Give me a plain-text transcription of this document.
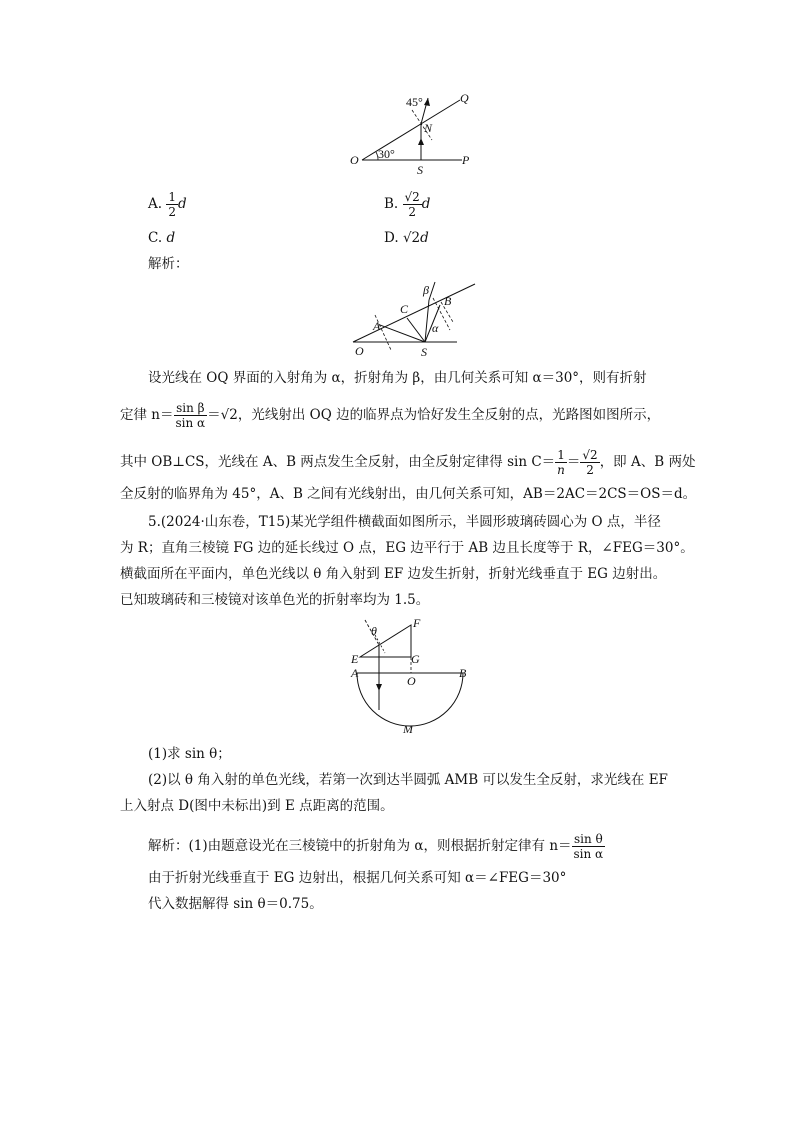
45°	Q
N
30°
O
S
P
A. $\frac{1}{2}$ d	B. $\frac{√2}{2}$ d
C. d	D. √2d
解析：
C
β
B
A	α
O	S
设光线在 OQ 界面的入射角为 α，折射角为 β，由几何关系可知 α＝30°，则有折射
定律 $n= \frac{\text{sin β}}{\text{sin α}} =√2$，光线射出 OQ 边的临界点为恰好发生全反射的点，光路图如图所示，
其中 OB⊥CS，光线在 A、B 两点发生全反射，由全反射定律得 $\sin C= \frac{1}{n} = \frac{√2}{2}$ ，即 A、B 两处
全反射的临界角为 45°，A、B 之间有光线射出，由几何关系可知，AB＝2AC＝2CS＝OS＝d。
5.(2024·山东卷，T15)某光学组件横截面如图所示，半圆形玻璃砖圆心为 O 点，半径
为 R；直角三棱镜 FG 边的延长线过 O 点，EG 边平行于 AB 边且长度等于 R，∠FEG＝30°。
横截面所在平面内，单色光线以 θ 角入射到 EF 边发生折射，折射光线垂直于 EG 边射出。
已知玻璃砖和三棱镜对该单色光的折射率均为 1.5。
θ
F
E	G
A
O
B
M
(1)求 sin θ；
(2)以 θ 角入射的单色光线，若第一次到达半圆弧 AMB 可以发生全反射，求光线在 EF
上入射点 D(图中未标出)到 E 点距离的范围。
解析：(1)由题意设光在三棱镜中的折射角为 α，则根据折射定律有 $n= \frac{\text{sin θ}}{\text{sin α}}$
由于折射光线垂直于 EG 边射出，根据几何关系可知 α＝∠FEG＝30°
代入数据解得 sin θ＝0.75。
